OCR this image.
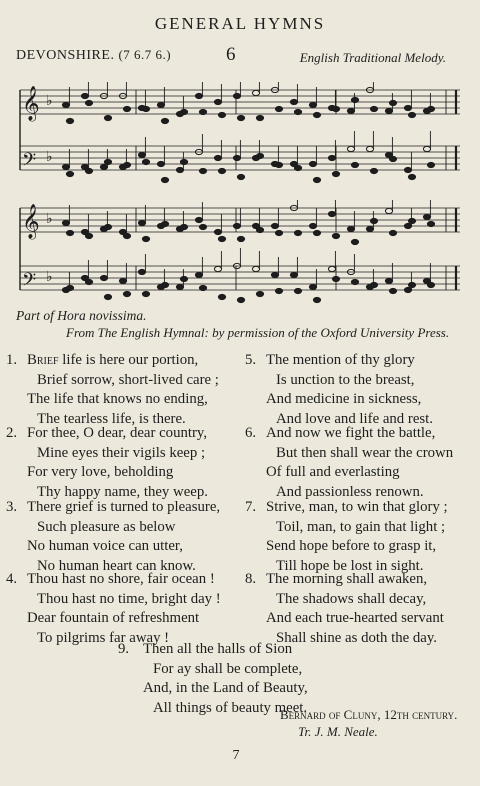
GENERAL HYMNS
DEVONSHIRE. (7 6.7 6.)	6	English Traditional Melody.
𝄞 ♭
𝄢 ♭
𝄞 ♭
𝄢 ♭
Part of Hora novissima.
From The English Hymnal: by permission of the Oxford University Press.
1. Brief life is here our portion,
Brief sorrow, short-lived care ;
The life that knows no ending,
The tearless life, is there.
2. For thee, O dear, dear country,
Mine eyes their vigils keep ;
For very love, beholding
Thy happy name, they weep.
3. There grief is turned to pleasure,
Such pleasure as below
No human voice can utter,
No human heart can know.
4. Thou hast no shore, fair ocean !
Thou hast no time, bright day !
Dear fountain of refreshment
To pilgrims far away !
5. The mention of thy glory
Is unction to the breast,
And medicine in sickness,
And love and life and rest.
6. And now we fight the battle,
But then shall wear the crown
Of full and everlasting
And passionless renown.
7. Strive, man, to win that glory ;
Toil, man, to gain that light ;
Send hope before to grasp it,
Till hope be lost in sight.
8. The morning shall awaken,
The shadows shall decay,
And each true-hearted servant
Shall shine as doth the day.
9. Then all the halls of Sion
For ay shall be complete,
And, in the Land of Beauty,
All things of beauty meet.
Bernard of Cluny, 12th century.
Tr. J. M. Neale.
7
